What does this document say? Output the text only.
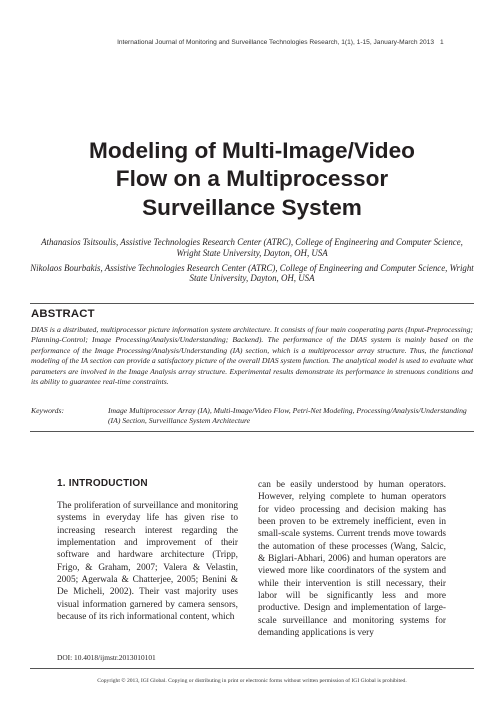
International Journal of Monitoring and Surveillance Technologies Research, 1(1), 1-15, January-March 2013 1
Modeling of Multi-Image/Video
Flow on a Multiprocessor
Surveillance System

Athanasios Tsitsoulis, Assistive Technologies Research Center (ATRC), College of Engineering and Computer Science, Wright State University, Dayton, OH, USA

Nikolaos Bourbakis, Assistive Technologies Research Center (ATRC), College of Engineering and Computer Science, Wright State University, Dayton, OH, USA

ABSTRACT
DIAS is a distributed, multiprocessor picture information system architecture. It consists of four main cooperating parts (Input-Preprocessing; Planning-Control; Image Processing/Analysis/Understanding; Backend). The performance of the DIAS system is mainly based on the performance of the Image Processing/Analysis/Understanding (IA) section, which is a multiprocessor array structure. Thus, the functional modeling of the IA section can provide a satisfactory picture of the overall DIAS system function. The analytical model is used to evaluate what parameters are involved in the Image Analysis array structure. Experimental results demonstrate its performance in strenuous conditions and its ability to guarantee real-time constraints.
Keywords:	Image Multiprocessor Array (IA), Multi-Image/Video Flow, Petri-Net Modeling, Processing/Analysis/Understanding (IA) Section, Surveillance System Architecture
1. INTRODUCTION
The proliferation of surveillance and monitoring systems in everyday life has given rise to increasing research interest regarding the implementation and improvement of their software and hardware architecture (Tripp, Frigo, & Graham, 2007; Valera & Velastin, 2005; Agerwala & Chatterjee, 2005; Benini & De Micheli, 2002). Their vast majority uses visual information garnered by camera sensors, because of its rich informational content, which
can be easily understood by human operators. However, relying complete to human operators for video processing and decision making has been proven to be extremely inefficient, even in small-scale systems. Current trends move towards the automation of these processes (Wang, Salcic, & Biglari-Abhari, 2006) and human operators are viewed more like coordinators of the system and while their intervention is still necessary, their labor will be significantly less and more productive. Design and implementation of large-scale surveillance and monitoring systems for demanding applications is very
DOI: 10.4018/ijmstr.2013010101
Copyright © 2013, IGI Global. Copying or distributing in print or electronic forms without written permission of IGI Global is prohibited.
